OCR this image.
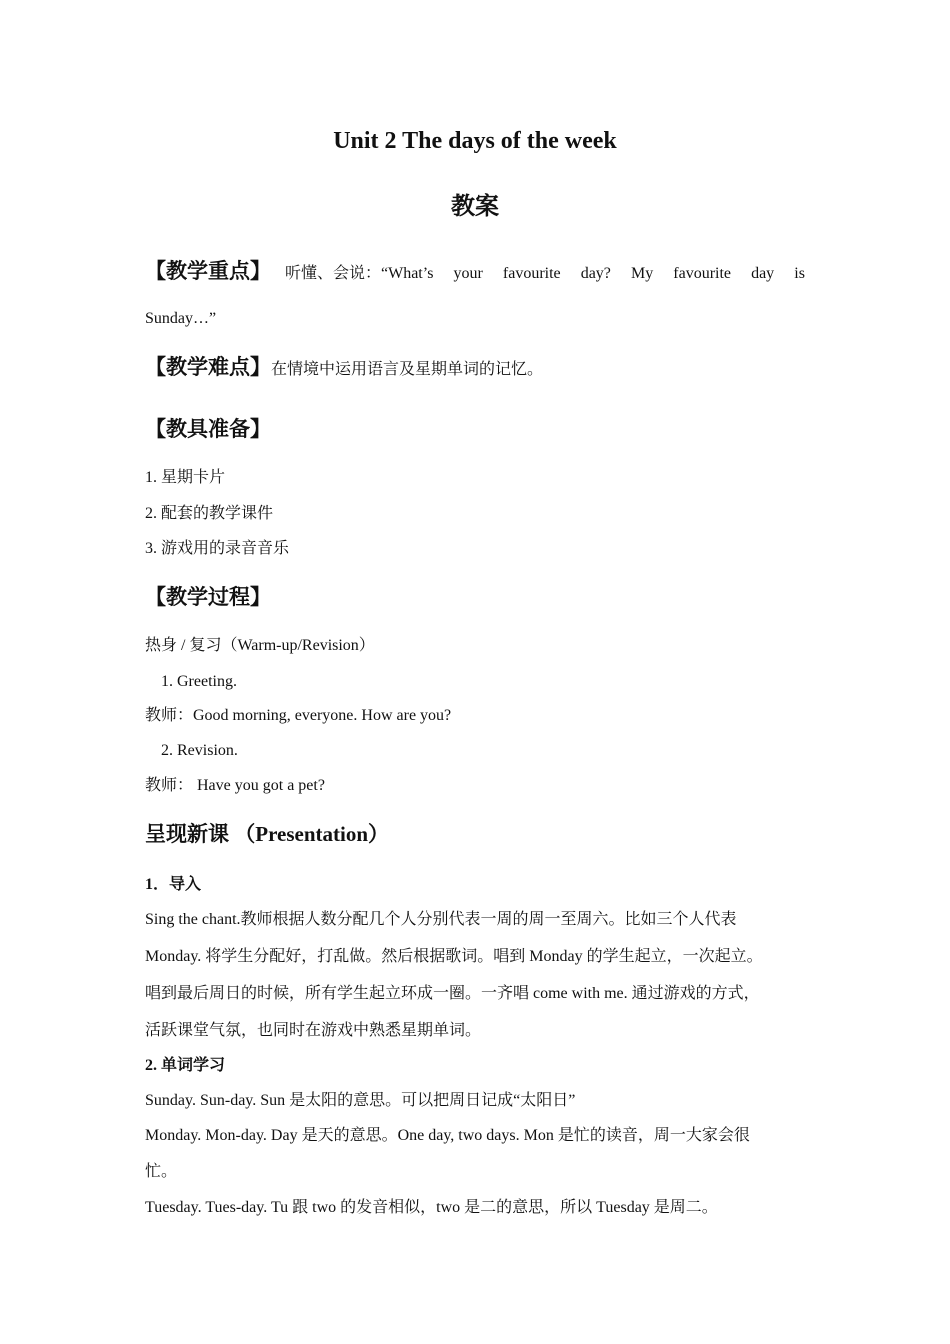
Unit 2 The days of the week
教案
【教学重点】 听懂、会说：“What’s your favourite day? My favourite day is
Sunday…”
【教学难点】 在情境中运用语言及星期单词的记忆。
【教具准备】
1. 星期卡片
2. 配套的教学课件
3. 游戏用的录音音乐
【教学过程】
热身 / 复习（Warm-up/Revision）
1. Greeting.
教师：Good morning, everyone. How are you?
2. Revision.
教师： Have you got a pet?
呈现新课 （Presentation）
1．导入
Sing the chant.教师根据人数分配几个人分别代表一周的周一至周六。比如三个人代表
Monday. 将学生分配好，打乱做。然后根据歌词。唱到 Monday 的学生起立，一次起立。
唱到最后周日的时候，所有学生起立环成一圈。一齐唱 come with me. 通过游戏的方式，
活跃课堂气氛，也同时在游戏中熟悉星期单词。
2. 单词学习
Sunday. Sun-day. Sun 是太阳的意思。可以把周日记成“太阳日”
Monday. Mon-day. Day 是天的意思。One day, two days. Mon 是忙的读音，周一大家会很
忙。
Tuesday. Tues-day. Tu 跟 two 的发音相似，two 是二的意思，所以 Tuesday 是周二。
